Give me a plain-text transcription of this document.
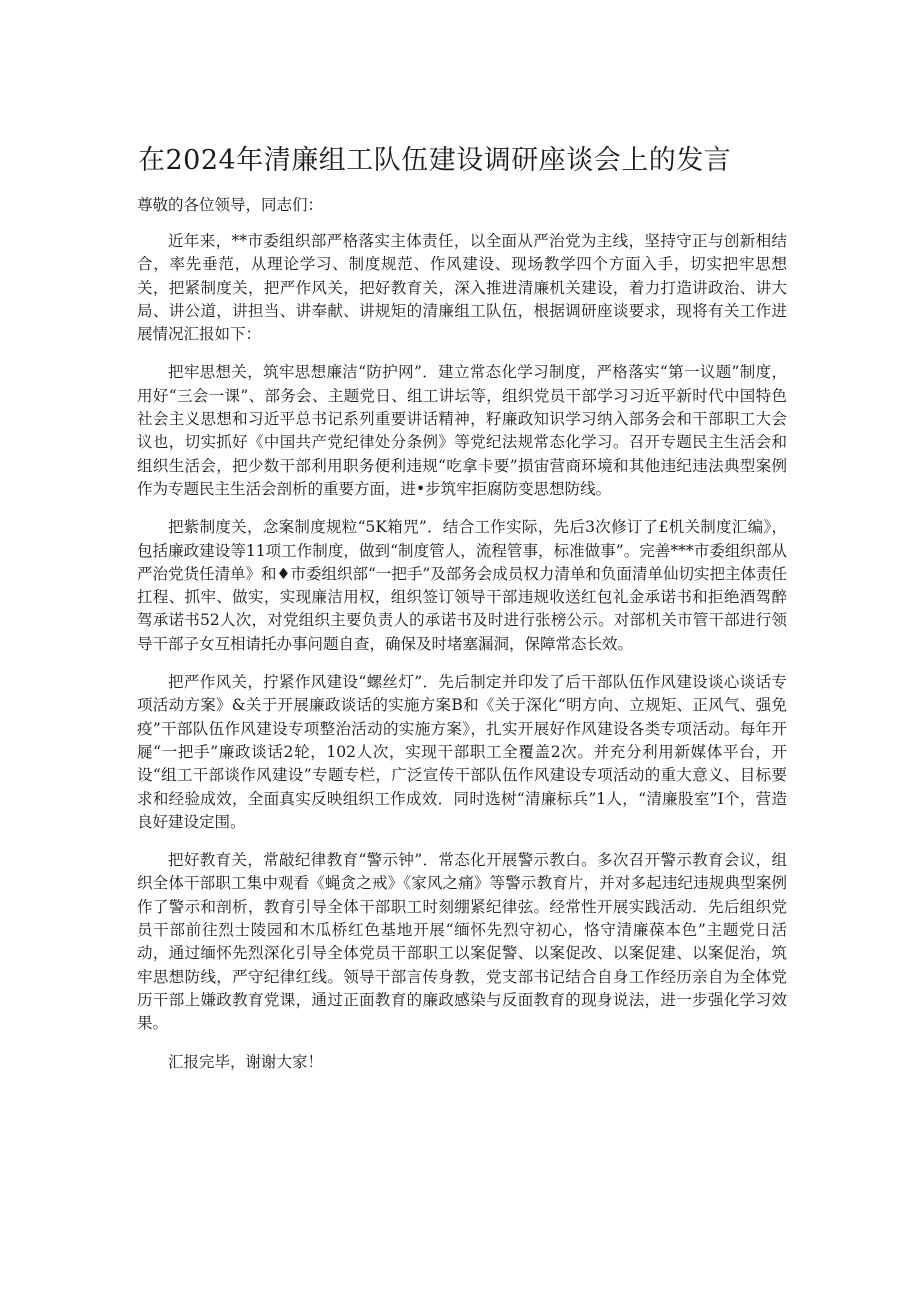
在2024年清廉组工队伍建设调研座谈会上的发言

尊敬的各位领导，同志们：

近年来，**市委组织部严格落实主体责任，以全面从严治党为主线，坚持守正与创新相结合，率先垂范，从理论学习、制度规范、作风建设、现场教学四个方面入手，切实把牢思想关，把紧制度关，把严作风关，把好教育关，深入推进清廉机关建设，着力打造讲政治、讲大局、讲公道，讲担当、讲奉献、讲规矩的清廉组工队伍，根据调研座谈要求，现将有关工作进展情况汇报如下：

把牢思想关，筑牢思想廉洁“防护网”．建立常态化学习制度，严格落实“第一议题”制度，用好“三会一课”、部务会、主题党日、组工讲坛等，组织党员干部学习习近平新时代中国特色社会主义思想和习近平总书记系列重要讲话精神，籽廉政知识学习纳入部务会和干部职工大会议也，切实抓好《中国共产党纪律处分条例》等党纪法规常态化学习。召开专题民主生活会和组织生活会，把少数干部利用职务便利违规“吃拿卡要”损宙营商环境和其他违纪违法典型案例作为专题民主生活会剖析的重要方面，进•步筑牢拒腐防变思想防线。

把紫制度关，念案制度规粒“5K箱咒”．结合工作实际，先后3次修订了£机关制度汇编》，包括廉政建设等11项工作制度，做到“制度管人，流程管事，标准做事”。完善***市委组织部从严治党货任清单》和♦市委组织部“一把手”及部务会成员权力清单和负面清单仙切实把主体责任扛程、抓牢、做实，实现廉洁用权，组织签订领导干部违规收送红包礼金承诺书和拒绝酒驾醉驾承诺书52人次，对党组织主要负责人的承诺书及时进行张榜公示。对部机关市管干部进行领导干部子女互相请托办事问题自查，确保及时堵塞漏洞，保障常态长效。

把严作风关，拧紧作风建设“螺丝灯”．先后制定并印发了后干部队伍作风建设谈心谈话专项活动方案》&关于开展廉政谈话的实施方案B和《关于深化“明方向、立规矩、正风气、强免疫”干部队伍作风建设专项整治活动的实施方案》，扎实开展好作风建设各类专项活动。每年开屣“一把手”廉政谈话2轮，102人次，实现干部职工全覆盖2次。并充分利用新媒体平台，开设“组工干部谈作风建设”专题专栏，广泛宣传干部队伍作风建设专项活动的重大意义、目标要求和经验成效，全面真实反映组织工作成效．同时选树“清廉标兵”1人，“清廉股室”I个，营造良好建设定围。

把好教育关，常敲纪律教育“警示钟”．常态化开展警示教白。多次召开警示教育会议，组织全体干部职工集中观看《蝇贪之戒》《家风之痛》等警示教育片，并对多起违纪违规典型案例作了警示和剖析，教育引导全体干部职工时刻绷紧纪律弦。经常性开展实践活动．先后组织党员干部前往烈士陵园和木瓜桥红色基地开展“缅怀先烈守初心，恪守清廉葆本色”主题党日活动，通过缅怀先烈深化引导全体党员干部职工以案促警、以案促改、以案促建、以案促治，筑牢思想防线，严守纪律红线。领导干部言传身教，党支部书记结合自身工作经历亲自为全体党历干部上嫌政教育党课，通过正面教育的廉政感染与反面教育的现身说法，进一步强化学习效果。

汇报完毕，谢谢大家！
